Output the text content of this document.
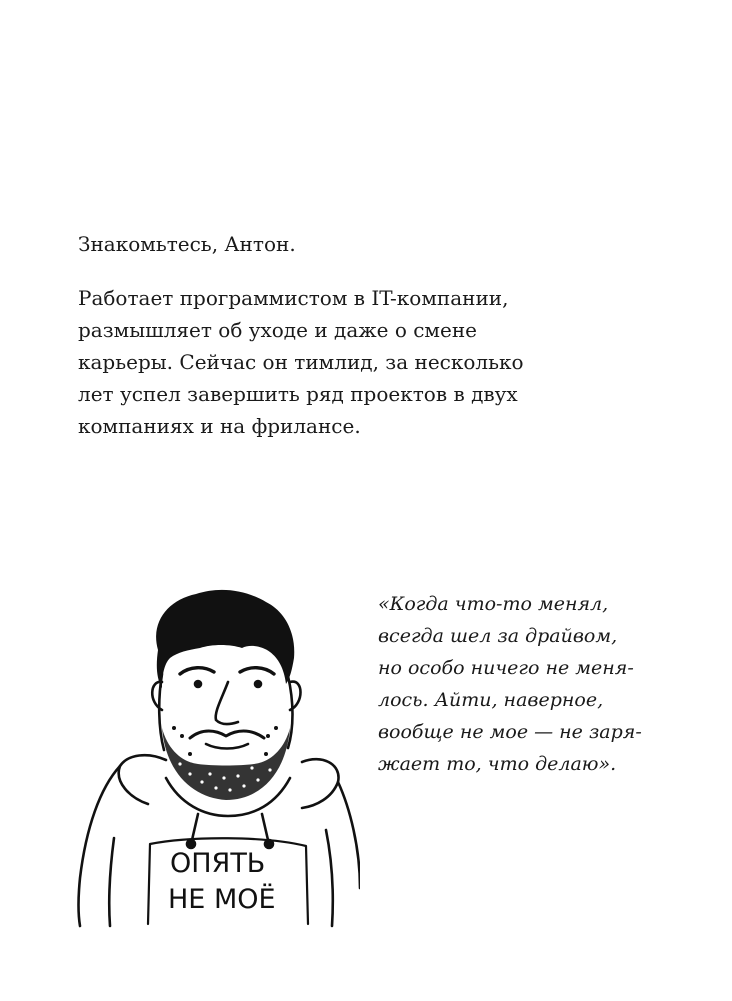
Знакомьтесь, Антон.

Работает программистом в IT-компании,
размышляет об уходе и даже о смене
карьеры. Сейчас он тимлид, за несколько
лет успел завершить ряд проектов в двух
компаниях и на фрилансе.

«Когда что-то менял,
всегда шел за драйвом,
но особо ничего не меня-
лось. Айти, наверное,
вообще не мое — не заря-
жает то, что делаю».

ОПЯТЬ
НЕ МОЁ
